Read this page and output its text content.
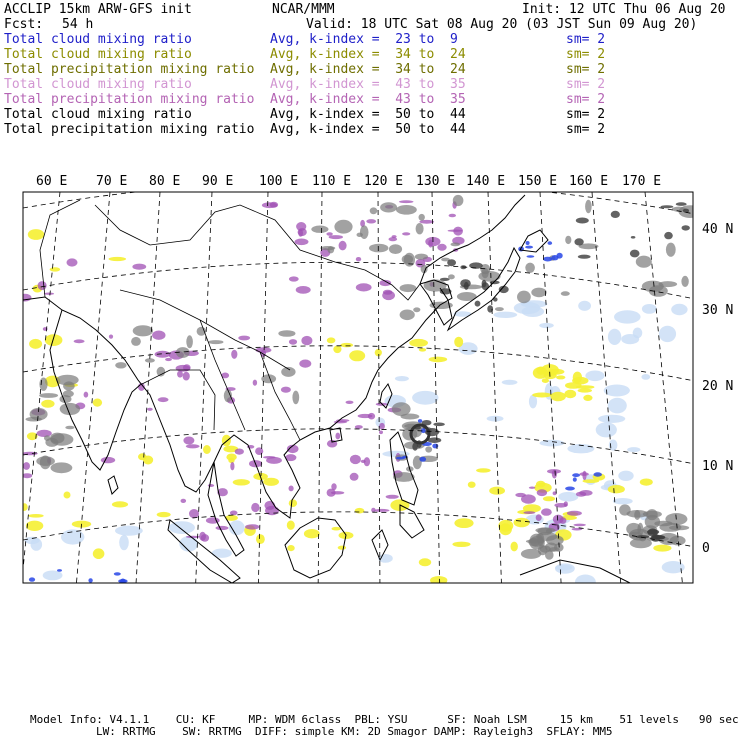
ACCLIP 15km ARW-GFS init	NCAR/MMM	Init: 12 UTC Thu 06 Aug 20
Fcst: 54 h	Valid: 18 UTC Sat 08 Aug 20 (03 JST Sun 09 Aug 20)
Total cloud mixing ratio	Avg, k-index =  23 to  9	sm= 2
Total cloud mixing ratio	Avg, k-index =  34 to  24	sm= 2
Total precipitation mixing ratio Avg, k-index =  34 to  24	sm= 2
Total cloud mixing ratio	Avg, k-index =  43 to  35	sm= 2
Total precipitation mixing ratio Avg, k-index =  43 to  35	sm= 2
Total cloud mixing ratio	Avg, k-index =  50 to  44	sm= 2
Total precipitation mixing ratio Avg, k-index =  50 to  44	sm= 2
60 E 70 E 80 E 90 E 100 E 110 E 120 E 130 E 140 E 150 E 160 E 170 E
40 N
30 N
20 N
10 N
0
Model Info: V4.1.1    CU: KF     MP: WDM 6class  PBL: YSU      SF: Noah LSM     15 km    51 levels   90 sec
LW: RRTMG    SW: RRTMG  DIFF: simple KM: 2D Smagor DAMP: Rayleigh3  SFLAY: MM5
